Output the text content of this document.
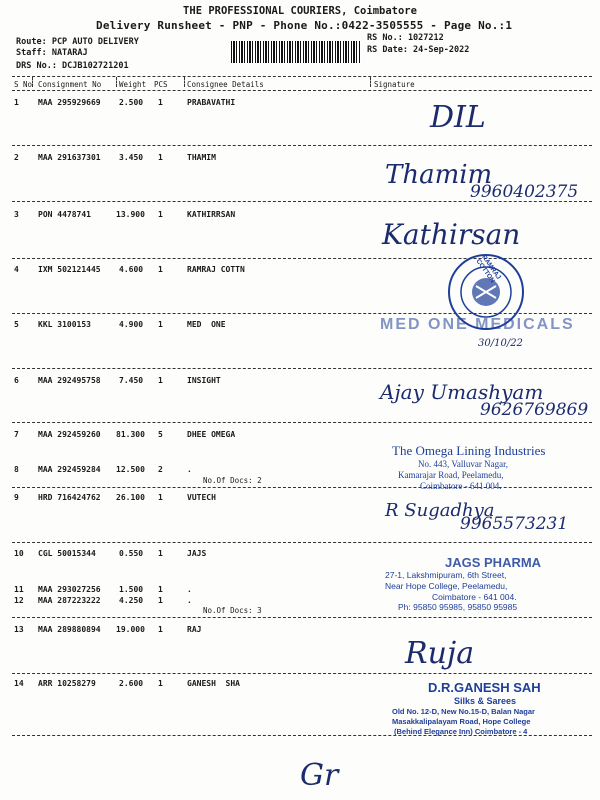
THE PROFESSIONAL COURIERS, Coimbatore
Delivery Runsheet - PNP - Phone No.:0422-3505555 - Page No.:1
Route: PCP AUTO DELIVERY
Staff: NATARAJ
DRS No.: DCJB102721201
RS No.: 1027212
RS Date: 24-Sep-2022
S No Consignment No Weight PCS	Consignee Details	Signature
1 MAA 295929669 2.500 1	PRABAVATHI
2 MAA 291637301 3.450 1	THAMIM
3 PON 4478741	13.900 1	KATHIRRSAN
4 IXM 502121445 4.600 1	RAMRAJ COTTN
5 KKL 3100153	4.900 1	MED  ONE
6 MAA 292495758 7.450 1	INSIGHT
7 MAA 292459260 81.300 5	DHEE OMEGA
8 MAA 292459284 12.500 2	.
No.Of Docs: 2
9 HRD 716424762 26.100 1	VUTECH
10 CGL 50015344	0.550 1	JAJS
11 MAA 293027256 1.500 1	.
12 MAA 287223222 4.250 1	.
No.Of Docs: 3
13 MAA 289880894 19.000 1	RAJ
14 ARR 10258279	2.600 1	GANESH  SHA
DIL
Thamim
9960402375
Kathirsan
Ajay Umashyam
9626769869
R Sugadhya
9965573231
Ruja
Gr
RAMRAJ COTTON
MED ONE MEDICALS
30/10/22
The Omega Lining Industries
No. 443, Valluvar Nagar,
Kamarajar Road, Peelamedu,
Coimbatore - 641 004.
JAGS PHARMA
27-1, Lakshmipuram, 6th Street,
Near Hope College, Peelamedu,
Coimbatore - 641 004.
Ph: 95850 95985, 95850 95985
D.R.GANESH SAH
Silks & Sarees
Old No. 12-D, New No.15-D, Balan Nagar
Masakkalipalayam Road, Hope College
(Behind Elegance Inn) Coimbatore - 4
